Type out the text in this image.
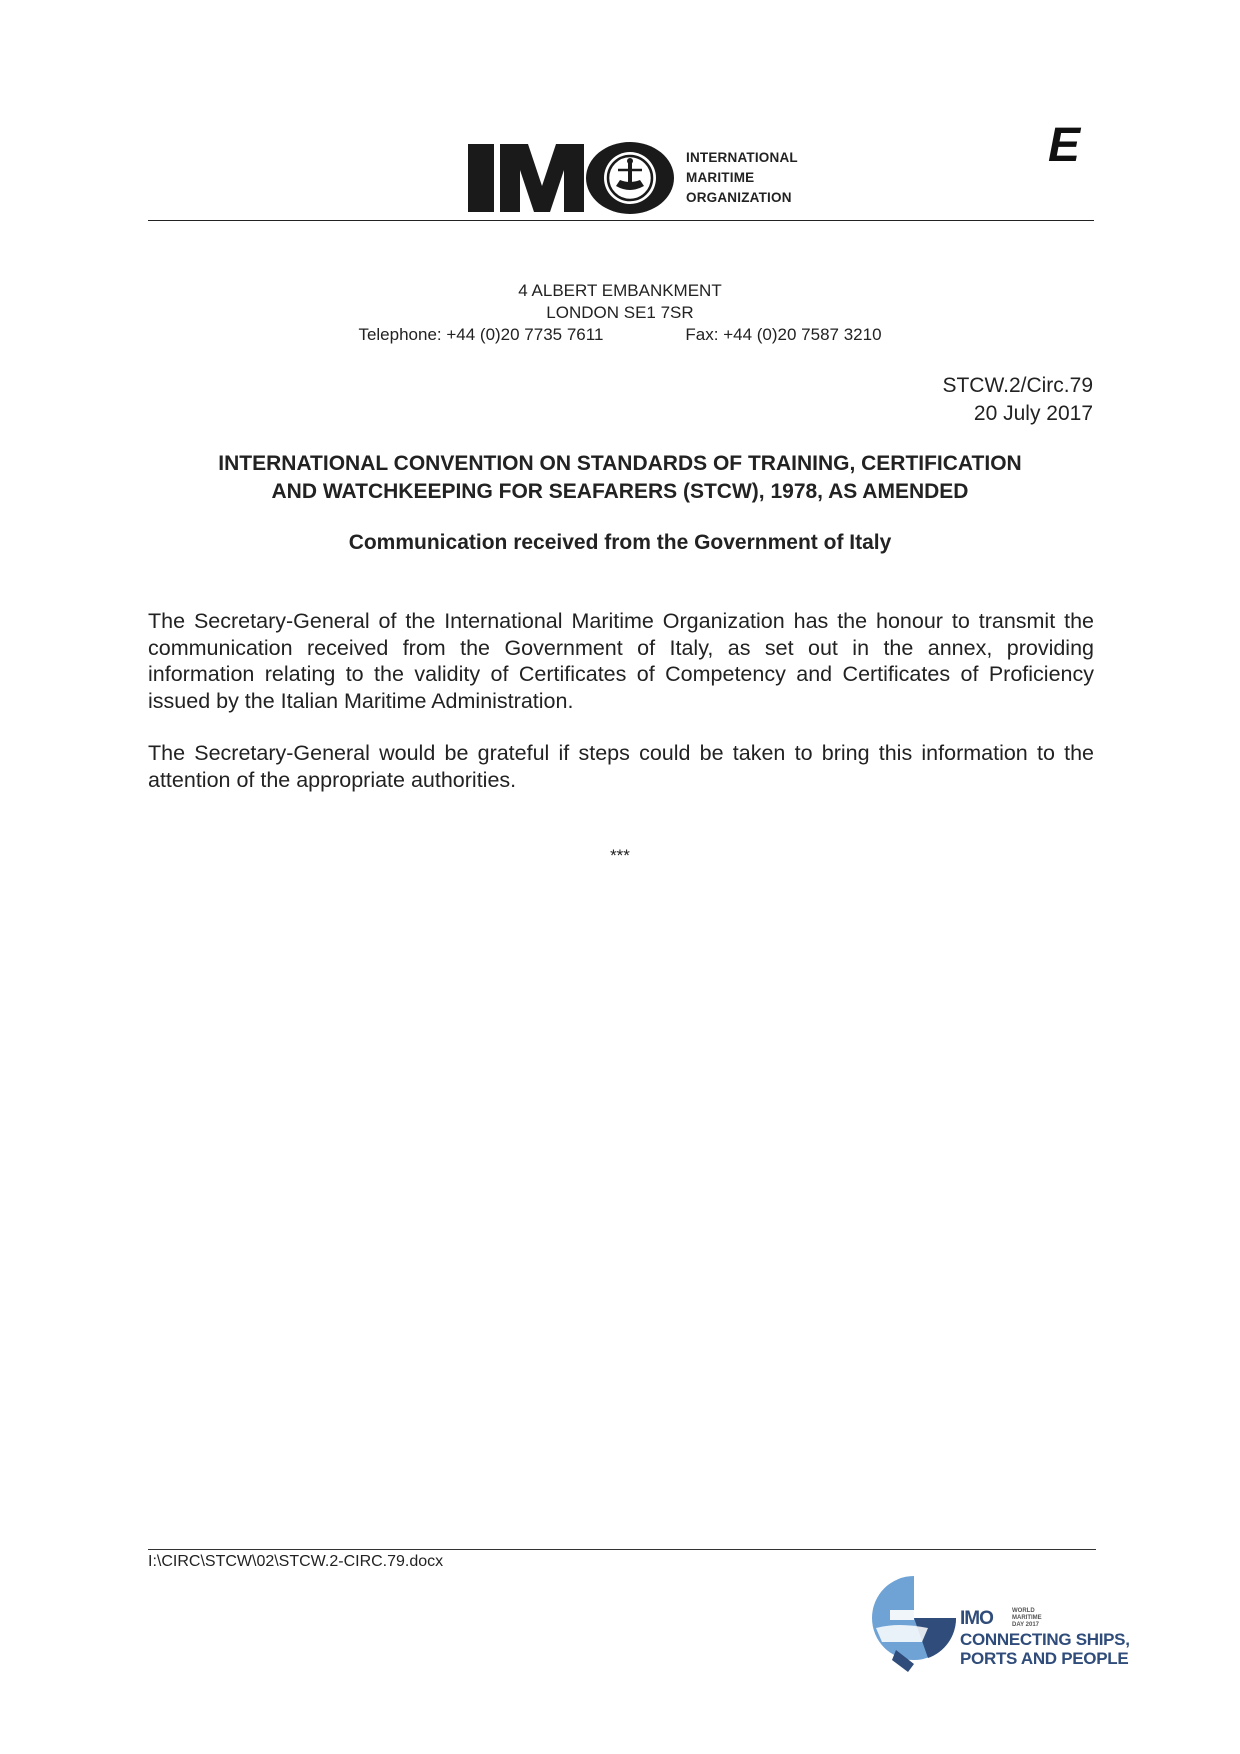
INTERNATIONAL
MARITIME
ORGANIZATION
E
4 ALBERT EMBANKMENT
LONDON SE1 7SR
Telephone: +44 (0)20 7735 7611	Fax: +44 (0)20 7587 3210
STCW.2/Circ.79
20 July 2017
INTERNATIONAL CONVENTION ON STANDARDS OF TRAINING, CERTIFICATION
AND WATCHKEEPING FOR SEAFARERS (STCW), 1978, AS AMENDED
Communication received from the Government of Italy

The Secretary-General of the International Maritime Organization has the honour to transmit the communication received from the Government of Italy, as set out in the annex, providing information relating to the validity of Certificates of Competency and Certificates of Proficiency issued by the Italian Maritime Administration.

The Secretary-General would be grateful if steps could be taken to bring this information to the attention of the appropriate authorities.

***
I:\CIRC\STCW\02\STCW.2-CIRC.79.docx
IMO	WORLD
MARITIME
DAY 2017
CONNECTING SHIPS,
PORTS AND PEOPLE
